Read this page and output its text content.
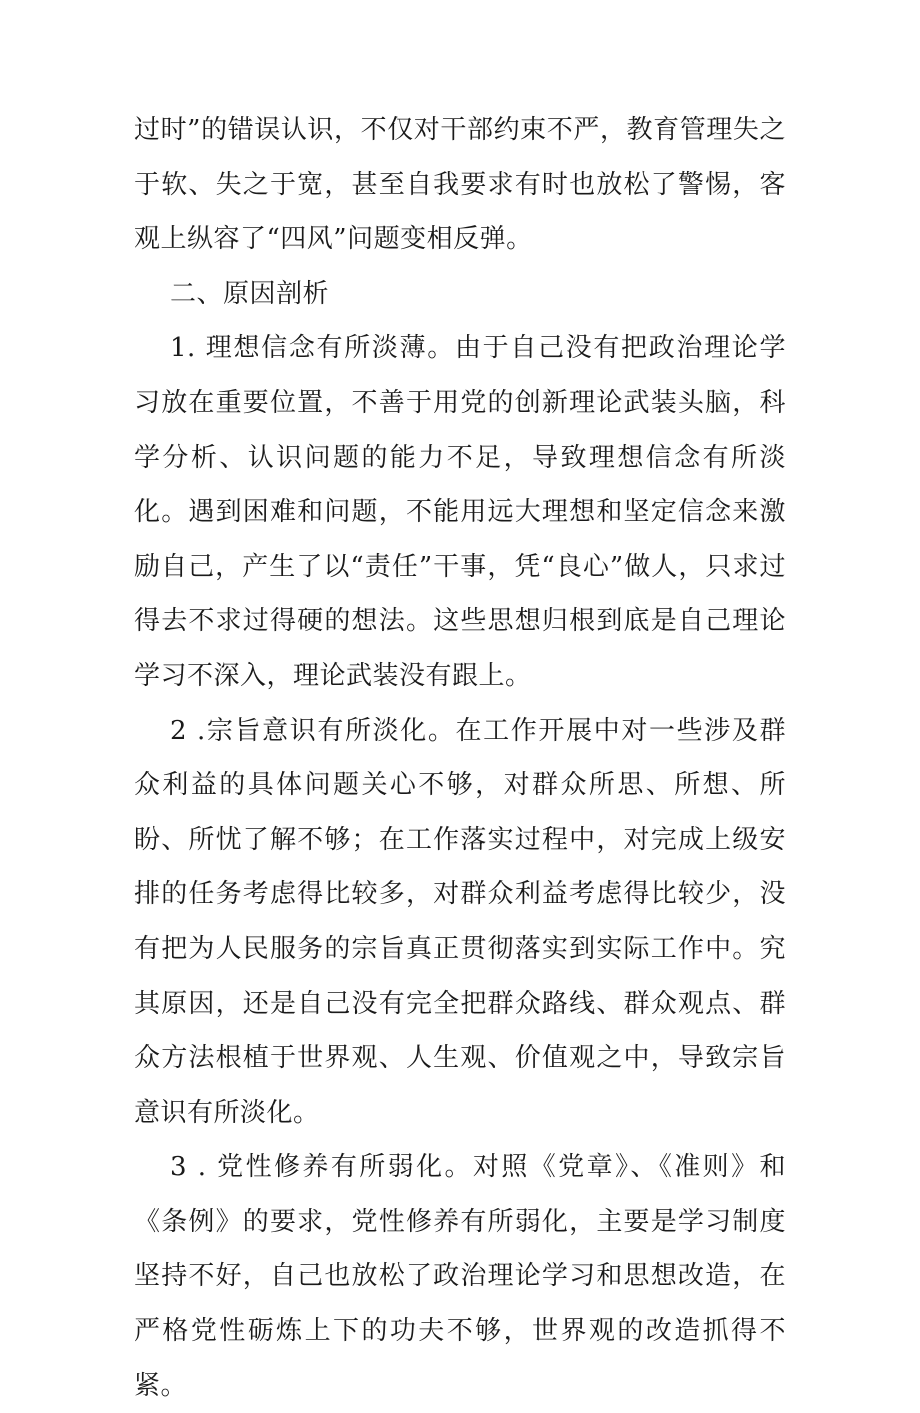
过时”的错误认识，不仅对干部约束不严，教育管理失之于软、失之于宽，甚至自我要求有时也放松了警惕，客观上纵容了“四风”问题变相反弹。

二、原因剖析

1. 理想信念有所淡薄。由于自己没有把政治理论学习放在重要位置，不善于用党的创新理论武装头脑，科学分析、认识问题的能力不足，导致理想信念有所淡化。遇到困难和问题，不能用远大理想和坚定信念来激励自己，产生了以“责任”干事，凭“良心”做人，只求过得去不求过得硬的想法。这些思想归根到底是自己理论学习不深入，理论武装没有跟上。

2 .宗旨意识有所淡化。在工作开展中对一些涉及群众利益的具体问题关心不够，对群众所思、所想、所盼、所忧了解不够；在工作落实过程中，对完成上级安排的任务考虑得比较多，对群众利益考虑得比较少，没有把为人民服务的宗旨真正贯彻落实到实际工作中。究其原因，还是自己没有完全把群众路线、群众观点、群众方法根植于世界观、人生观、价值观之中，导致宗旨意识有所淡化。

3 . 党性修养有所弱化。对照《党章》、《准则》和《条例》的要求，党性修养有所弱化，主要是学习制度坚持不好，自己也放松了政治理论学习和思想改造，在严格党性砺炼上下的功夫不够，世界观的改造抓得不紧。
